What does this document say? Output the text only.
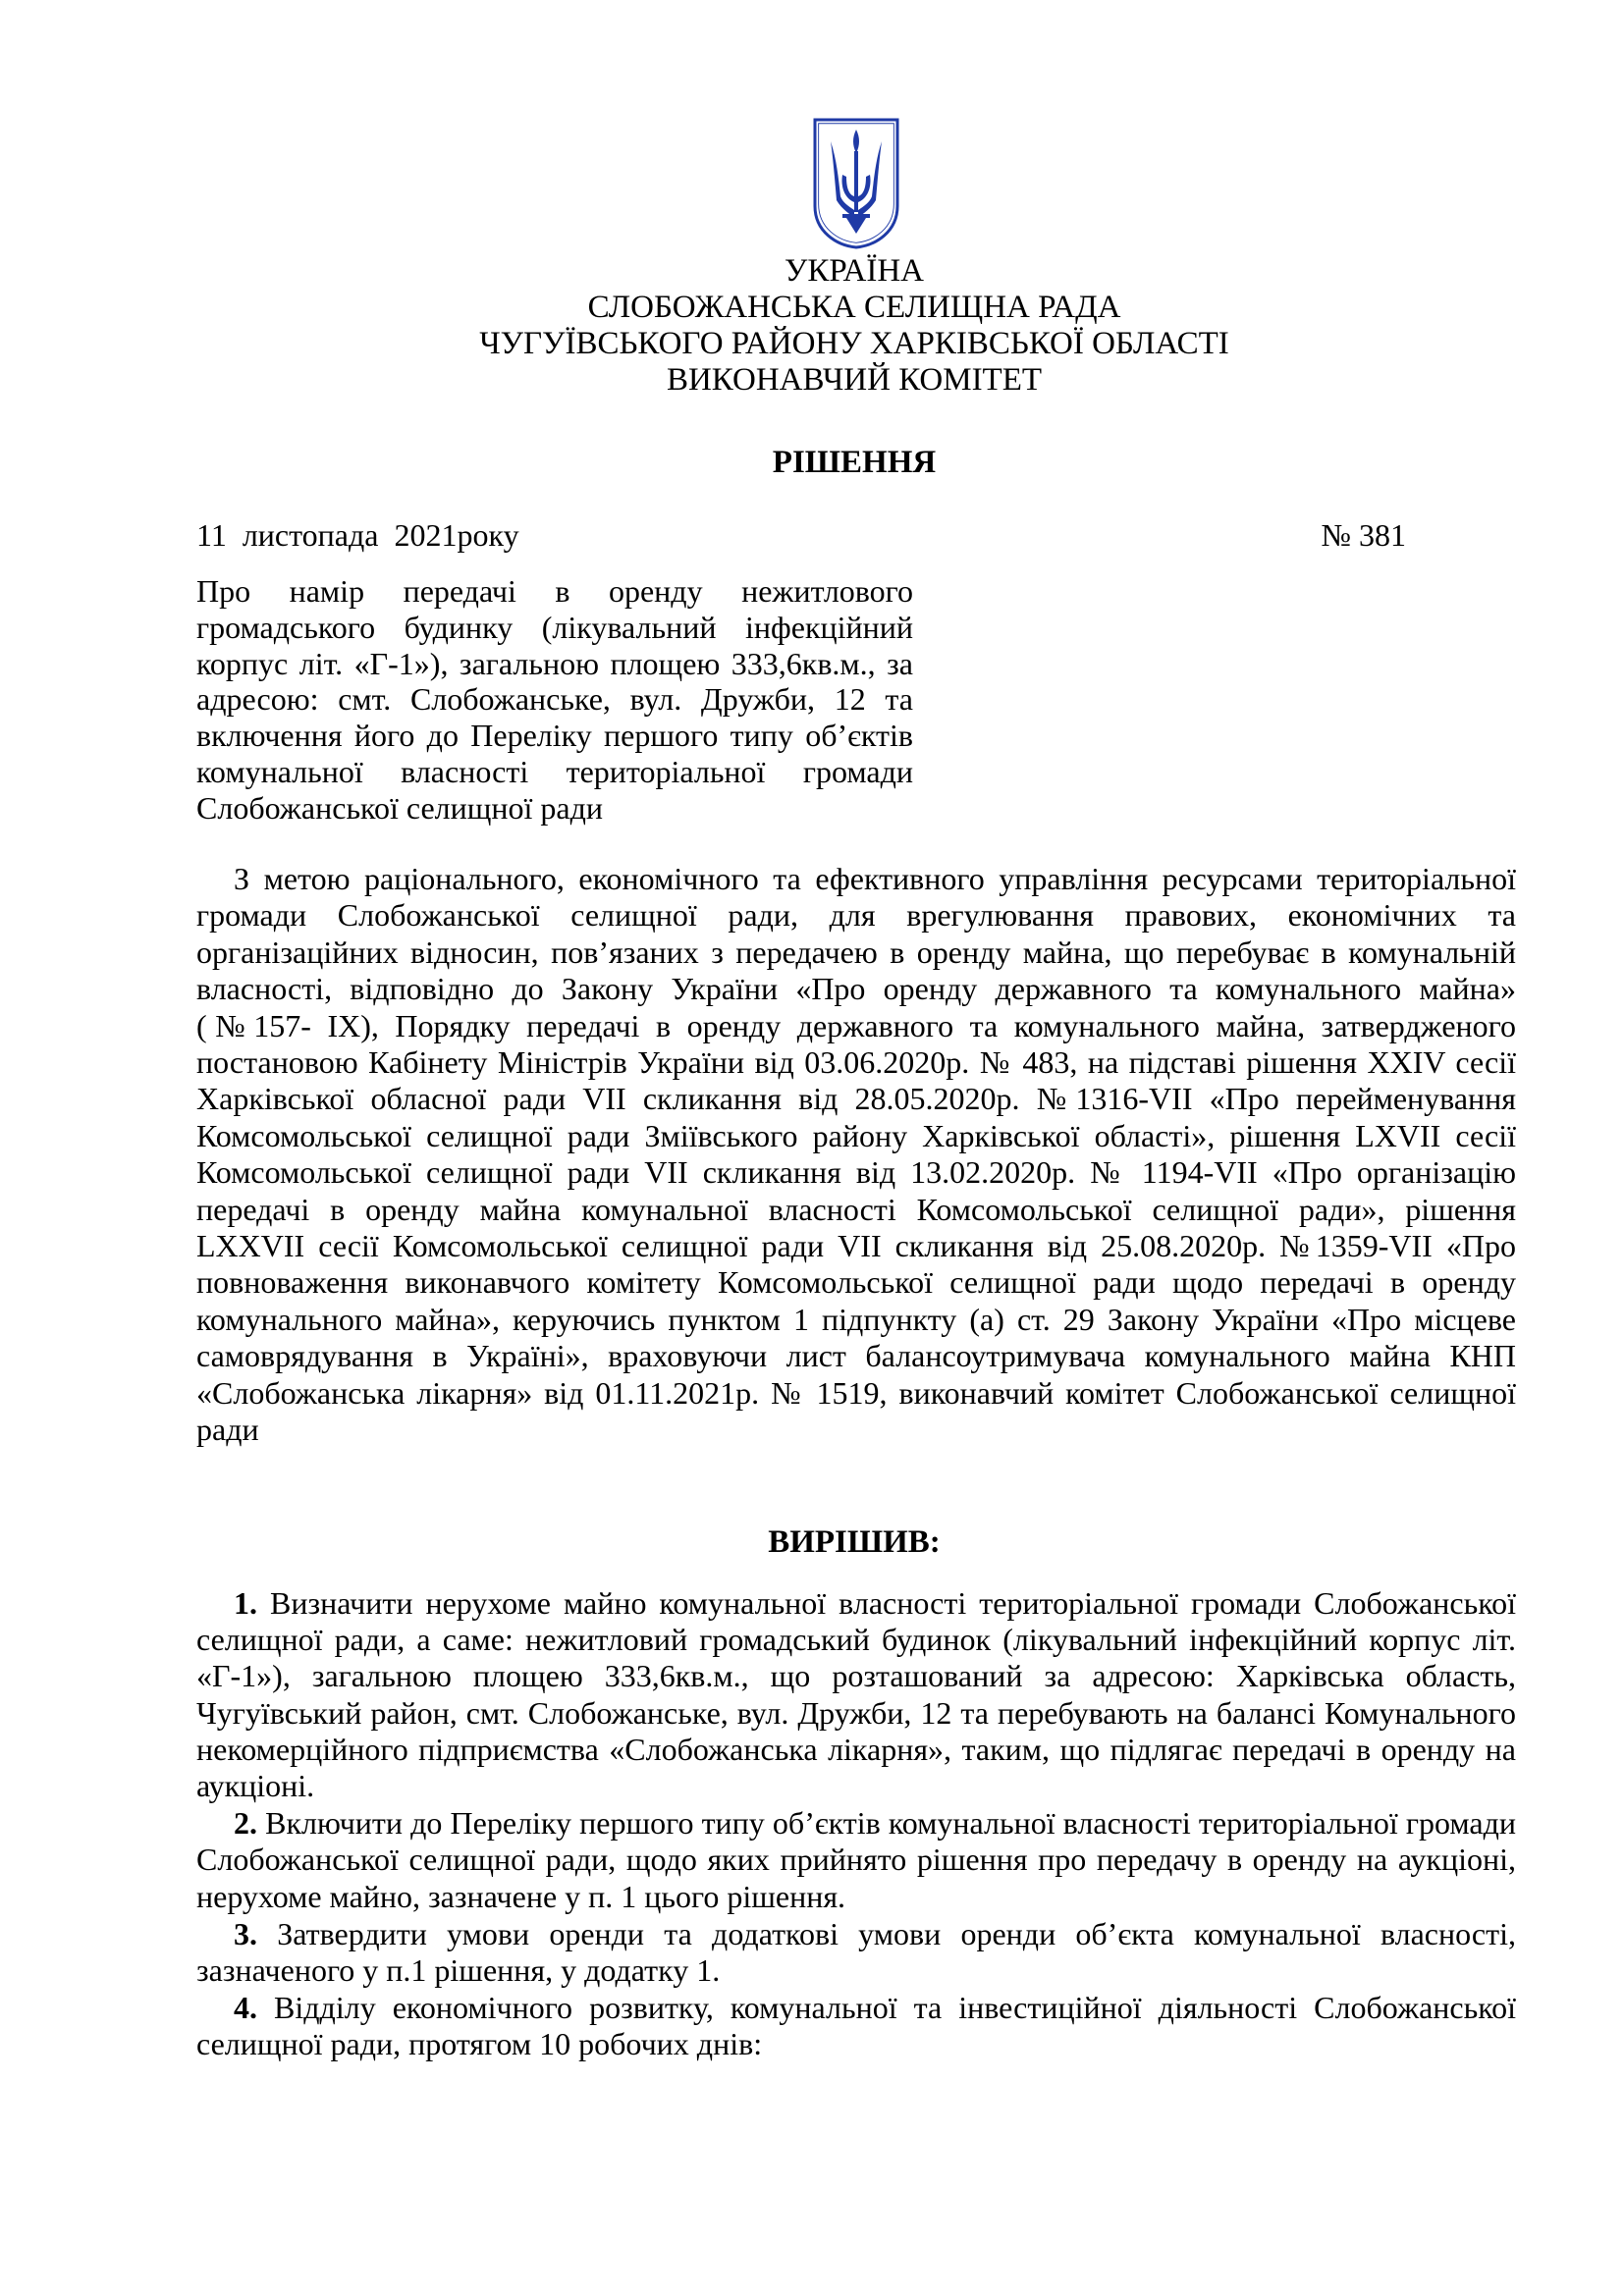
УКРАЇНА
СЛОБОЖАНСЬКА СЕЛИЩНА РАДА
ЧУГУЇВСЬКОГО РАЙОНУ ХАРКІВСЬКОЇ ОБЛАСТІ
ВИКОНАВЧИЙ КОМІТЕТ
РІШЕННЯ
11  листопада  2021року	№ 381
Про намір передачі в оренду нежитлового громадського будинку (лікувальний інфекційний корпус літ. «Г-1»), загальною площею 333,6кв.м., за адресою: смт. Слобожанське, вул. Дружби, 12 та включення його до Переліку першого типу об’єктів комунальної власності територіальної громади Слобожанської селищної ради

З метою раціонального, економічного та ефективного управління ресурсами територіальної громади Слобожанської селищної ради, для врегулювання правових, економічних та організаційних відносин, пов’язаних з передачею в оренду майна, що перебуває в комунальній власності, відповідно до Закону України «Про оренду державного та комунального майна» (№157- IX), Порядку передачі в оренду державного та комунального майна, затвердженого постановою Кабінету Міністрів України від 03.06.2020р. № 483, на підставі рішення XXIV сесії Харківської обласної ради VII скликання від 28.05.2020р. №1316-VII «Про перейменування Комсомольської селищної ради Зміївського району Харківської області», рішення LXVII сесії Комсомольської селищної ради VII скликання від 13.02.2020р. № 1194-VII «Про організацію передачі в оренду майна комунальної власності Комсомольської селищної ради», рішення LXXVII сесії Комсомольської селищної ради VII скликання від 25.08.2020р. №1359-VII «Про повноваження виконавчого комітету Комсомольської селищної ради щодо передачі в оренду комунального майна», керуючись пунктом 1 підпункту (а) ст. 29 Закону України «Про місцеве самоврядування в Україні», враховуючи лист балансоутримувача комунального майна КНП «Слобожанська лікарня» від 01.11.2021р. № 1519, виконавчий комітет Слобожанської селищної ради

ВИРІШИВ:

1. Визначити нерухоме майно комунальної власності територіальної громади Слобожанської селищної ради, а саме: нежитловий громадський будинок (лікувальний інфекційний корпус літ. «Г-1»), загальною площею 333,6кв.м., що розташований за адресою: Харківська область, Чугуївський район, смт. Слобожанське, вул. Дружби, 12 та перебувають на балансі Комунального некомерційного підприємства «Слобожанська лікарня», таким, що підлягає передачі в оренду на аукціоні.

2. Включити до Переліку першого типу об’єктів комунальної власності територіальної громади Слобожанської селищної ради, щодо яких прийнято рішення про передачу в оренду на аукціоні, нерухоме майно, зазначене у п. 1 цього рішення.

3. Затвердити умови оренди та додаткові умови оренди об’єкта комунальної власності, зазначеного у п.1 рішення, у додатку 1.

4. Відділу економічного розвитку, комунальної та інвестиційної діяльності Слобожанської селищної ради, протягом 10 робочих днів:
